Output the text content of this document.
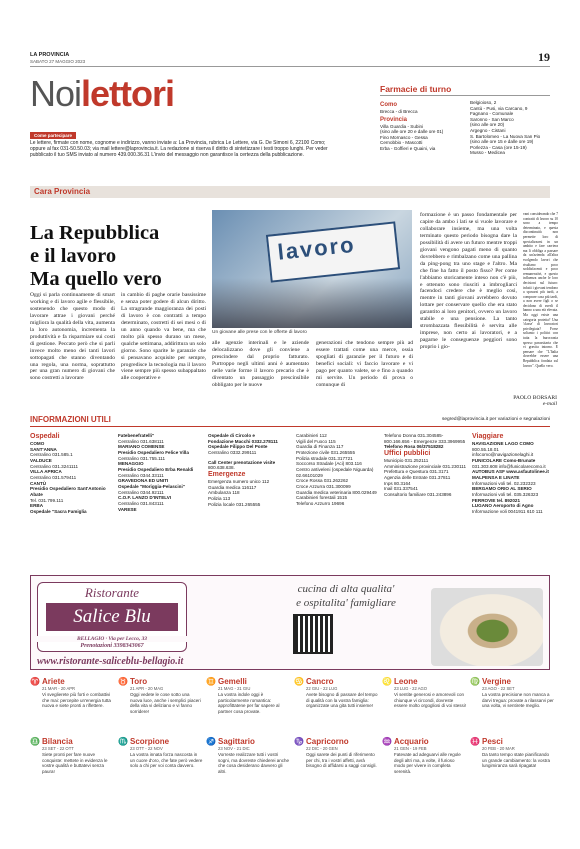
LA PROVINCIA
SABATO 27 MAGGIO 2023	19
Noilettori
Come partecipare
Le lettere, firmate con nome, cognome e indirizzo, vanno inviate a: La Provincia, rubrica Le Lettere, via G. De Simoni 6, 22100 Como; oppure al fax 031-50.50.03; via mail lettere@laprovincia.it. La redazione si riserva il diritto di sintetizzare i testi troppo lunghi. Per veder pubblicato il tuo SMS inviato al numero 439.000.36.31 L'invio del messaggio non garantisce la certezza della pubblicazione.
Farmacie di turno
Como
Brecca - di Brecca
Provincia
Villa Guardia - Subini
(sino alle ore 20 e dalle ore 01)
Fino Mornasco - Gessa
Cernobbio - Mascotti
Erba - Goffieri e Quaini, via
Belgioioso, 2
Cantù - Pusi, via Carcano, 9
Fagnano - Comunale
Saronno - San Marco
(sino alle ore 20)
Argegno - Cistani
S. Bartolomeo - La Nuova San Pio
(sino alle ore 15 e dalle ore 19)
Porlezza - Casa (ore 15-19)
Musso - Medicea
Cara Provincia
La Repubblica
e il lavoro
Ma quello vero
lavoro
Un giovane alle prese con le offerte di lavoro
Oggi si parla continuamente di smart working e di lavoro agile e flessibile, sostenendo che questo modo di lavorare attrae i giovani perché migliora la qualità della vita, aumenta la loro autonomia, incrementa la produttività e fa risparmiare sui costi di gestione. Peccato però che si parli invece molto meno dei tanti lavori sottopagati che stanno diventando una regola, una norma, soprattutto per una gran numero di giovani che sono costretti a lavorare
in cambio di paghe orarie bassissime e senza poter godere di alcun diritto. La stragrande maggioranza dei posti di lavoro è con contratti a tempo determinato, costretti di sei mesi o di un anno quando va bene, ma che molto più spesso durano un mese, qualche settimana, addirittura un solo giorno. Sono sparite le garanzie che si pensavano acquisite per sempre, progredisce la tecnologia ma il lavoro viene sempre più spesso subappaltato alle cooperative e
alle agenzie interinali e le aziende delocalizzano dove gli conviene a prescindere dal proprio fatturato. Purtroppo negli ultimi anni è aumentato nelle varie forme il lavoro precario che è diventato un passaggio prescinsibile obbligato per le nuove
generazioni che tendono sempre più ad essere trattati come una merce, ossia spogliati di garanzie per il futuro e di benefici sociali: vi faccio lavorare e vi pago per quanto valete, se e fino a quando mi servite. Un periodo di prova o comunque di
formazione è un passo fondamentale per capire da ambo i lati se si vuole lavorare e collaborare insieme, ma una volta terminato questo periodo bisogna dare la possibilità di avere un futuro mentre troppi giovani vengono pagati meno di quanto dovrebbero e rimbalzano come una pallina da ping-pong tra uno stage e l'altro. Ma che fine ha fatto il posto fisso? Per come l'abbiamo storicamente inteso non c'è più, e ottenuto sono riusciti a imbrogliarci facendoci credere che è meglio così, mentre in tanti giovani avrebbero dovuto lottare per conservare quello che era stato garantito ai loro genitori, ovvero un lavoro stabile e una pensione. La tanto strombazzata flessibilità è servita alle imprese, non certo ai lavoratori, e a pagarne le conseguenze peggiori sono proprio i gio-
vani considerando che 7 contratti di lavoro su 10 sono a tempo determinato, e questa discontinuità non permette loro di specializzarsi in un ambito e fare carriera ma li obbliga a passare da un'azienda all'altra svolgendo lavori che risultano poco soddisfacenti e poco remunerativi, e questo influenza anche le loro decisioni sul futuro: infatti i giovani tendono a sposarsi più tardi, a comprare casa più tardi, a non avere figli o se decidono di averli il hanno a una età elevata. Ma oggi esiste una categoria protetta? Una 'classe' di lavoratori privilegiata? Forse soltanto i politici con tutta la burocrazia spesso parassitaria che vi gravita intorno. E pensare che "L'Italia dovrebbe essere una Repubblica fondata sul lavoro". Quello vero.
PAOLO BORSARI
e-mail
INFORMAZIONI UTILI	segred@laprovincia.it per variazioni e segnalazioni
Ospedali
COMO
SANT'ANNA
Centralino 031.585.1
VALDUCE
Centralino 031.3241111
VILLA APRICA
Centralino 031.579411
CANTÙ
Presidio Ospedaliero Sant'Antonio Abate
Tel. 031.799.111
ERBA
Ospedale "Sacra Famiglia
Fatebenefratelli"
Centralino 031.638111
MARIANO COMENSE
Presidio Ospedaliero Felice Villa
Centralino 031.755.111
MENAGGIO
Presidio Ospedaliero Erba Renaldi
Centralino 0344.33111
GRAVEDONA ED UNITI
Ospedale "Moriggia-Pelascini"
Centralino 0344.92111
C.O.F. LANZO D'INTELVI
Centralino 031.843111
VARESE
Ospedale di Circolo e
Fondazione Macchi 0332.278111
Ospedale Filippo Del Ponte
Centralino 0332.299111
Call Center prenotazione visite
800.638.638.
Emergenze
Emergenza numero unico 112
Guardia medica 116117
Ambulanza 118
Polizia 113
Polizia locale 031.265555
Carabinieri 112
Vigili del Fuoco 115
Guardia di Finanza 117
Protezione civile 031.265555
Polizia stradale 031.317721
Soccorso Stradale (Aci) 803.116
Centro antiveleni (ospedale Niguarda) 02.66101029
Croce Rossa 031.262262
Croce Azzurra 031.300099
Guardia medica veterinaria 800.029449
Carabinieri forestali 1515
Telefono Azzurro 19696
Telefono Donna 031.304585-800.166.656 - Emergenze 333.3969955
Telefono Rosa 06/37518282
Uffici pubblici
Municipio 031.252111
Amministrazione provinciale 031.230111
Prefettura e Questura 031.3171
Agenzia delle Entrate 031.37811
Inps 80.3164
Inail 031.337541
Consultorio familiare 031.243896
Viaggiare
NAVIGAZIONE LAGO COMO
800.55.18.01
infocomo@navigazionelaghi.it
FUNICOLARE Como-Brunate
031.303.608 info@funicolarecomo.it
AUTOBUS ASF www.asfautolinee.it
MALPENSA E LINATE
Informazioni voli tel. 02.232323
BERGAMO ORIO AL SERIO
Informazioni voli tel. 035.326323
FERROVIE tel. 892021
LUGANO Aeroporto di Agno
Informazione voli 0041911 610 111
Ristorante
Salice Blu
BELLAGIO · Via per Lecco, 33
Prenotazioni 3398343067
www.ristorante-saliceblu-bellagio.it
cucina di alta qualita'
e ospitalita' famigliare
♈ Ariete
21 MAR - 20 APR
Vi sveglierete più forti e combattivi che mai: percepite un'energia tutta nuova e siete pronti a riflettere.
♉ Toro
21 APR - 20 MAG
Oggi vedete le cose sotto una nuova luce, anche i semplici piaceri della vita vi deliziano e vi fanno sorridere!
♊ Gemelli
21 MAG - 21 GIU
La vostra indole oggi è particolarmente romantica: approfittatene per far sapere al partner cosa provate.
♋ Cancro
22 GIU - 22 LUG
Avete bisogno di passare del tempo di qualità con la vostra famiglia: organizzate una gita tutti insieme!
♌ Leone
23 LUG - 22 AGO
Vi sentite generosi e amorevoli con chiunque vi circondi, dovreste essere molto orgogliosi di voi stessi!
♍ Vergine
23 AGO - 22 SET
La vostra precisione non manca a darvi tregua: provate a rilassarvi per una volta, vi sentirete meglio.
♎ Bilancia
23 SET - 22 OTT
Siete pronti per fare nuove conquiste: mettete in evidenza le vostre qualità e buttatevi senza paura!
♏ Scorpione
23 OTT - 22 NOV
La vostra innata forza nascosta in un cuore d'oro, che fate però vedere solo a chi per voi conta davvero.
♐ Sagittario
23 NOV - 21 DIC
Vorreste realizzare tutti i vostri sogni, ma dovreste chiederei anche che cosa desiderano davvero gli altri.
♑ Capricorno
22 DIC - 20 GEN
Oggi sarete dei punti di riferimento per chi, tra i vostri affetti, avrà bisogno di affidarsi a saggi consigli.
♒ Acquario
21 GEN - 19 FEB
Fatevate ad adeguarvi alle regole degli altri ma, a volte, il furioso modo per vivere in completa serenità.
♓ Pesci
20 FEB - 20 MAR
Da tanto tempo state pianificando un grande cambiamento: la vostra lungimiranza sarà ripagata!
